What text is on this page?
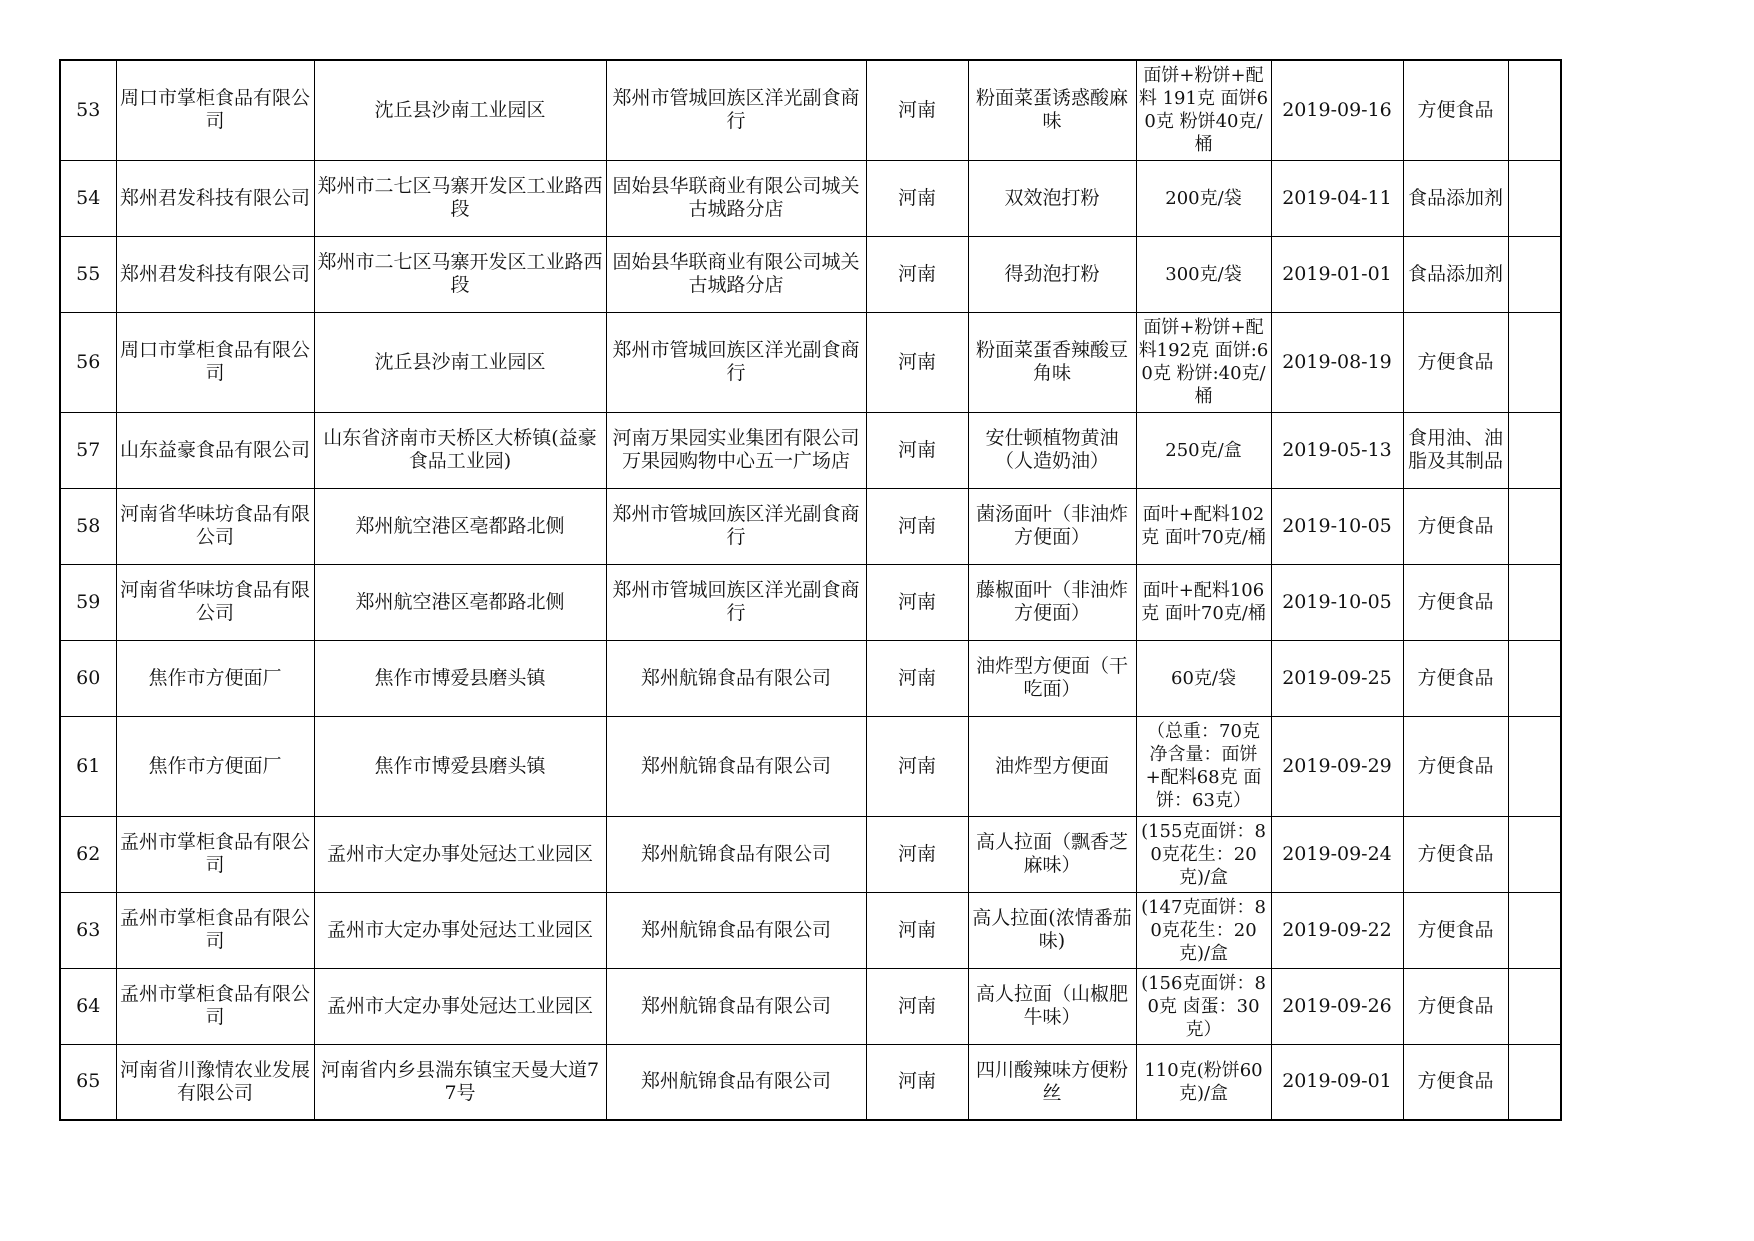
53	周口市掌柜食品有限公司	沈丘县沙南工业园区	郑州市管城回族区洋光副食商行	河南	粉面菜蛋诱惑酸麻味	面饼+粉饼+配料 191克 面饼60克 粉饼40克/桶	2019-09-16	方便食品	
54	郑州君发科技有限公司	郑州市二七区马寨开发区工业路西段	固始县华联商业有限公司城关古城路分店	河南	双效泡打粉	200克/袋	2019-04-11	食品添加剂	
55	郑州君发科技有限公司	郑州市二七区马寨开发区工业路西段	固始县华联商业有限公司城关古城路分店	河南	得劲泡打粉	300克/袋	2019-01-01	食品添加剂	
56	周口市掌柜食品有限公司	沈丘县沙南工业园区	郑州市管城回族区洋光副食商行	河南	粉面菜蛋香辣酸豆角味	面饼+粉饼+配料192克 面饼:60克 粉饼:40克/桶	2019-08-19	方便食品	
57	山东益豪食品有限公司	山东省济南市天桥区大桥镇(益豪食品工业园)	河南万果园实业集团有限公司万果园购物中心五一广场店	河南	安仕顿植物黄油（人造奶油）	250克/盒	2019-05-13	食用油、油脂及其制品	
58	河南省华味坊食品有限公司	郑州航空港区亳都路北侧	郑州市管城回族区洋光副食商行	河南	菌汤面叶（非油炸方便面）	面叶+配料102克 面叶70克/桶	2019-10-05	方便食品	
59	河南省华味坊食品有限公司	郑州航空港区亳都路北侧	郑州市管城回族区洋光副食商行	河南	藤椒面叶（非油炸方便面）	面叶+配料106克 面叶70克/桶	2019-10-05	方便食品	
60	焦作市方便面厂	焦作市博爱县磨头镇	郑州航锦食品有限公司	河南	油炸型方便面（干吃面）	60克/袋	2019-09-25	方便食品	
61	焦作市方便面厂	焦作市博爱县磨头镇	郑州航锦食品有限公司	河南	油炸型方便面	（总重：70克 净含量：面饼+配料68克 面饼：63克）	2019-09-29	方便食品	
62	孟州市掌柜食品有限公司	孟州市大定办事处冠达工业园区	郑州航锦食品有限公司	河南	高人拉面（飘香芝麻味）	(155克面饼：80克花生：20克)/盒	2019-09-24	方便食品	
63	孟州市掌柜食品有限公司	孟州市大定办事处冠达工业园区	郑州航锦食品有限公司	河南	高人拉面(浓情番茄味)	(147克面饼：80克花生：20克)/盒	2019-09-22	方便食品	
64	孟州市掌柜食品有限公司	孟州市大定办事处冠达工业园区	郑州航锦食品有限公司	河南	高人拉面（山椒肥牛味）	(156克面饼：80克 卤蛋：30克）	2019-09-26	方便食品	
65	河南省川豫情农业发展有限公司	河南省内乡县湍东镇宝天曼大道77号	郑州航锦食品有限公司	河南	四川酸辣味方便粉丝	110克(粉饼60克)/盒	2019-09-01	方便食品	
